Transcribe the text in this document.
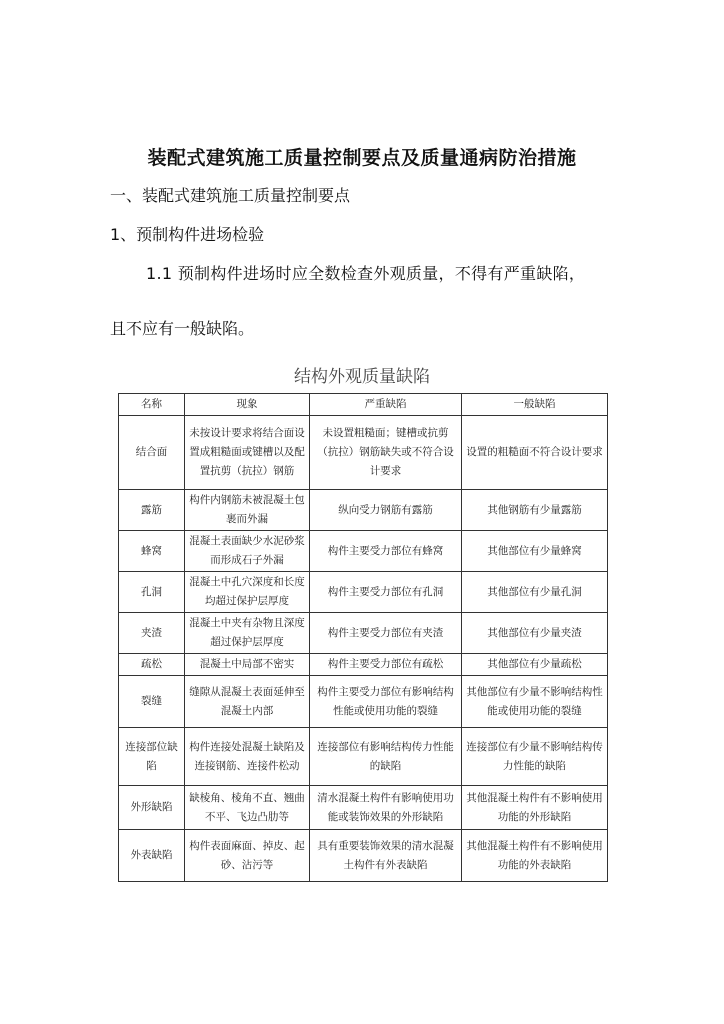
装配式建筑施工质量控制要点及质量通病防治措施
一、装配式建筑施工质量控制要点
1、预制构件进场检验
1.1 预制构件进场时应全数检查外观质量，不得有严重缺陷，
且不应有一般缺陷。
结构外观质量缺陷
名称	现象	严重缺陷	一般缺陷
结合面	未按设计要求将结合面设置成粗糙面或键槽以及配置抗剪（抗拉）钢筋	未设置粗糙面；键槽或抗剪（抗拉）钢筋缺失或不符合设计要求	设置的粗糙面不符合设计要求
露筋	构件内钢筋未被混凝土包裹而外漏	纵向受力钢筋有露筋	其他钢筋有少量露筋
蜂窝	混凝土表面缺少水泥砂浆而形成石子外漏	构件主要受力部位有蜂窝	其他部位有少量蜂窝
孔洞	混凝土中孔穴深度和长度均超过保护层厚度	构件主要受力部位有孔洞	其他部位有少量孔洞
夹渣	混凝土中夹有杂物且深度超过保护层厚度	构件主要受力部位有夹渣	其他部位有少量夹渣
疏松	混凝土中局部不密实	构件主要受力部位有疏松	其他部位有少量疏松
裂缝	缝隙从混凝土表面延伸至混凝土内部	构件主要受力部位有影响结构性能或使用功能的裂缝	其他部位有少量不影响结构性能或使用功能的裂缝
连接部位缺陷	构件连接处混凝土缺陷及连接钢筋、连接件松动	连接部位有影响结构传力性能的缺陷	连接部位有少量不影响结构传力性能的缺陷
外形缺陷	缺棱角、棱角不直、翘曲不平、飞边凸肋等	清水混凝土构件有影响使用功能或装饰效果的外形缺陷	其他混凝土构件有不影响使用功能的外形缺陷
外表缺陷	构件表面麻面、掉皮、起砂、沾污等	具有重要装饰效果的清水混凝土构件有外表缺陷	其他混凝土构件有不影响使用功能的外表缺陷
